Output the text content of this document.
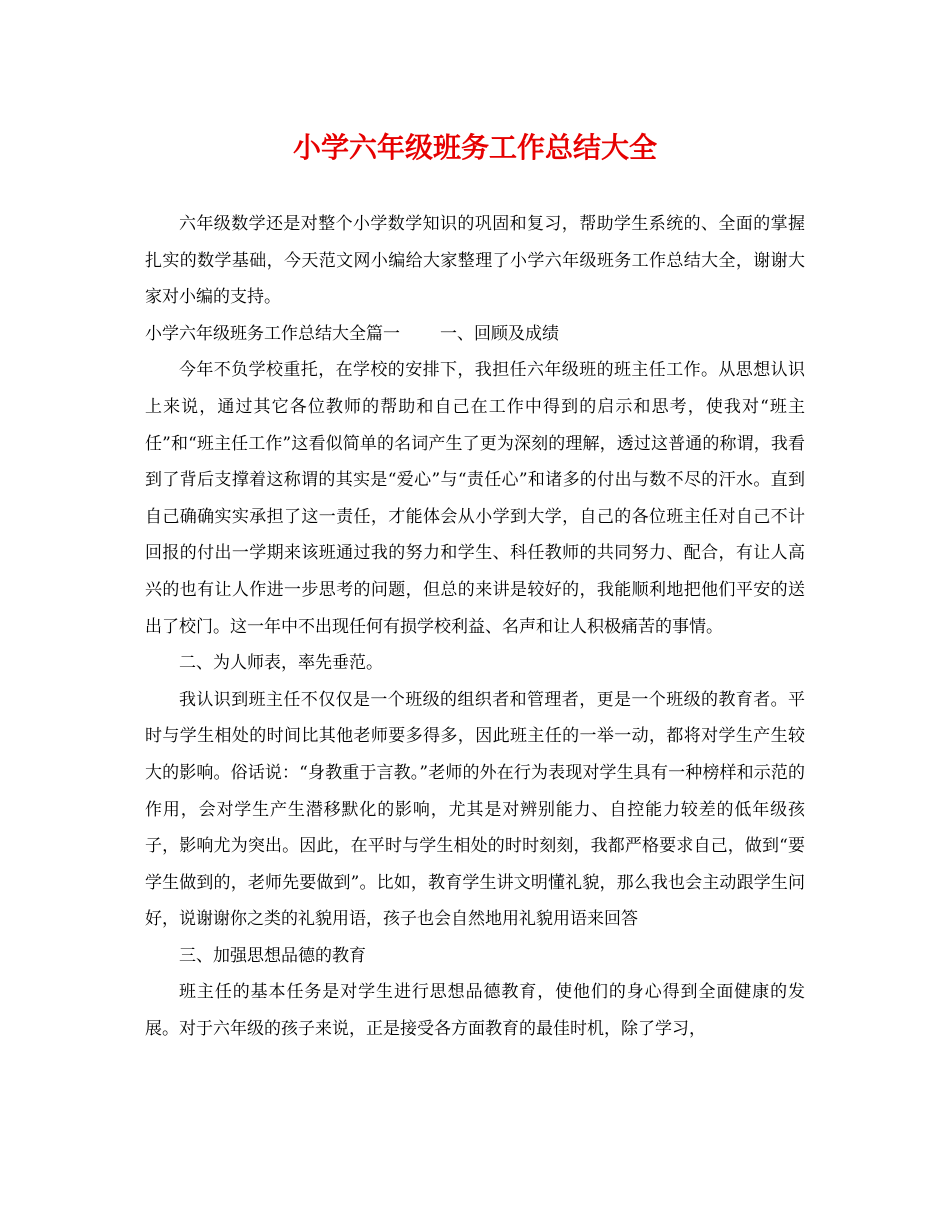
小学六年级班务工作总结大全

六年级数学还是对整个小学数学知识的巩固和复习，帮助学生系统的、全面的掌握扎实的数学基础，今天范文网小编给大家整理了小学六年级班务工作总结大全，谢谢大家对小编的支持。

小学六年级班务工作总结大全篇一 一、回顾及成绩

今年不负学校重托，在学校的安排下，我担任六年级班的班主任工作。从思想认识上来说，通过其它各位教师的帮助和自己在工作中得到的启示和思考，使我对“班主任”和“班主任工作”这看似简单的名词产生了更为深刻的理解，透过这普通的称谓，我看到了背后支撑着这称谓的其实是“爱心”与“责任心”和诸多的付出与数不尽的汗水。直到自己确确实实承担了这一责任，才能体会从小学到大学，自己的各位班主任对自己不计回报的付出一学期来该班通过我的努力和学生、科任教师的共同努力、配合，有让人高兴的也有让人作进一步思考的问题，但总的来讲是较好的，我能顺利地把他们平安的送出了校门。这一年中不出现任何有损学校利益、名声和让人积极痛苦的事情。

二、为人师表，率先垂范。

我认识到班主任不仅仅是一个班级的组织者和管理者，更是一个班级的教育者。平时与学生相处的时间比其他老师要多得多，因此班主任的一举一动，都将对学生产生较大的影响。俗话说：“身教重于言教。”老师的外在行为表现对学生具有一种榜样和示范的作用，会对学生产生潜移默化的影响，尤其是对辨别能力、自控能力较差的低年级孩子，影响尤为突出。因此，在平时与学生相处的时时刻刻，我都严格要求自己，做到“要学生做到的，老师先要做到”。比如，教育学生讲文明懂礼貌，那么我也会主动跟学生问好，说谢谢你之类的礼貌用语，孩子也会自然地用礼貌用语来回答

三、加强思想品德的教育

班主任的基本任务是对学生进行思想品德教育，使他们的身心得到全面健康的发展。对于六年级的孩子来说，正是接受各方面教育的最佳时机，除了学习，
